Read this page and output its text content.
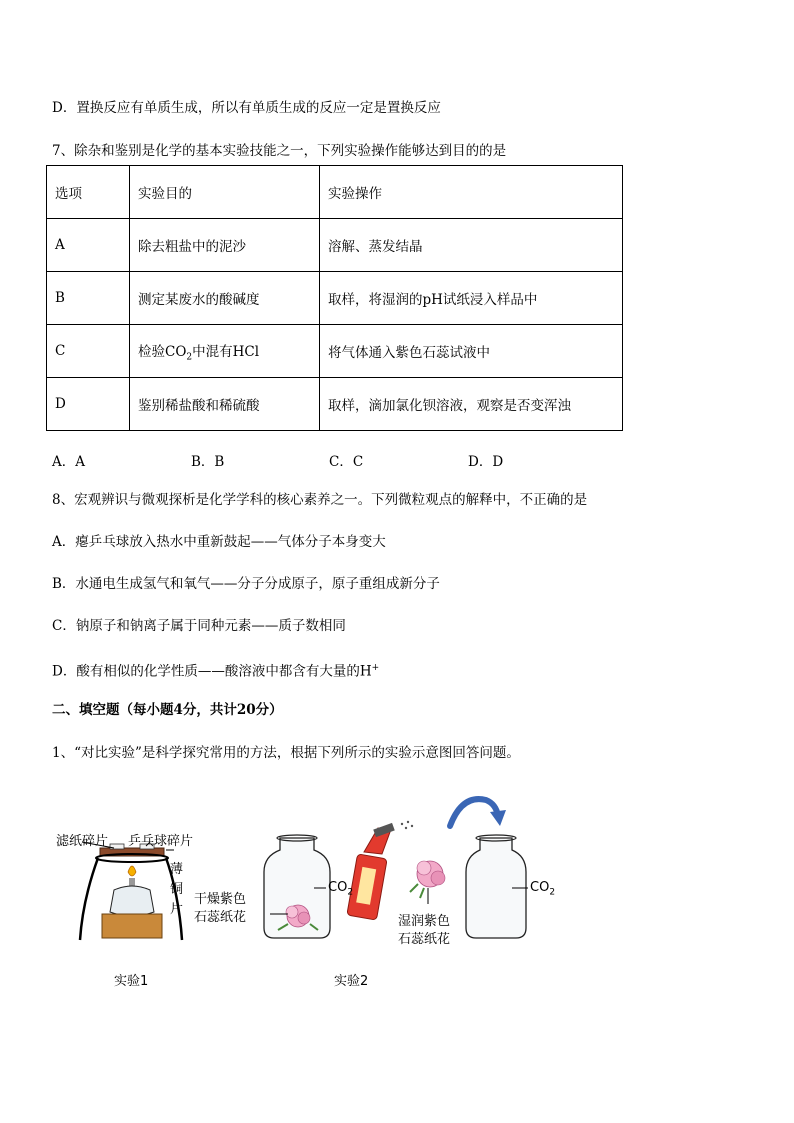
D．置换反应有单质生成，所以有单质生成的反应一定是置换反应
7、除杂和鉴别是化学的基本实验技能之一，下列实验操作能够达到目的的是
选项	实验目的	实验操作
A	除去粗盐中的泥沙	溶解、蒸发结晶
B	测定某废水的酸碱度	取样，将湿润的pH试纸浸入样品中
C	检验$CO_2$中混有HCl	将气体通入紫色石蕊试液中
D	鉴别稀盐酸和稀硫酸	取样，滴加氯化钡溶液，观察是否变浑浊
A．A	B．B	C．C	D．D
8、宏观辨识与微观探析是化学学科的核心素养之一。下列微粒观点的解释中，不正确的是
A．瘪乒乓球放入热水中重新鼓起——气体分子本身变大
B．水通电生成氢气和氧气——分子分成原子，原子重组成新分子
C．钠原子和钠离子属于同种元素——质子数相同
D．酸有相似的化学性质——酸溶液中都含有大量的H+
二、填空题（每小题4分，共计20分）
1、“对比实验”是科学探究常用的方法，根据下列所示的实验示意图回答问题。
滤纸碎片 乒乓球碎片
薄
铜
片
干燥紫色
石蕊纸花
$CO_2$
湿润紫色
石蕊纸花
$CO_2$
实验1	实验2
